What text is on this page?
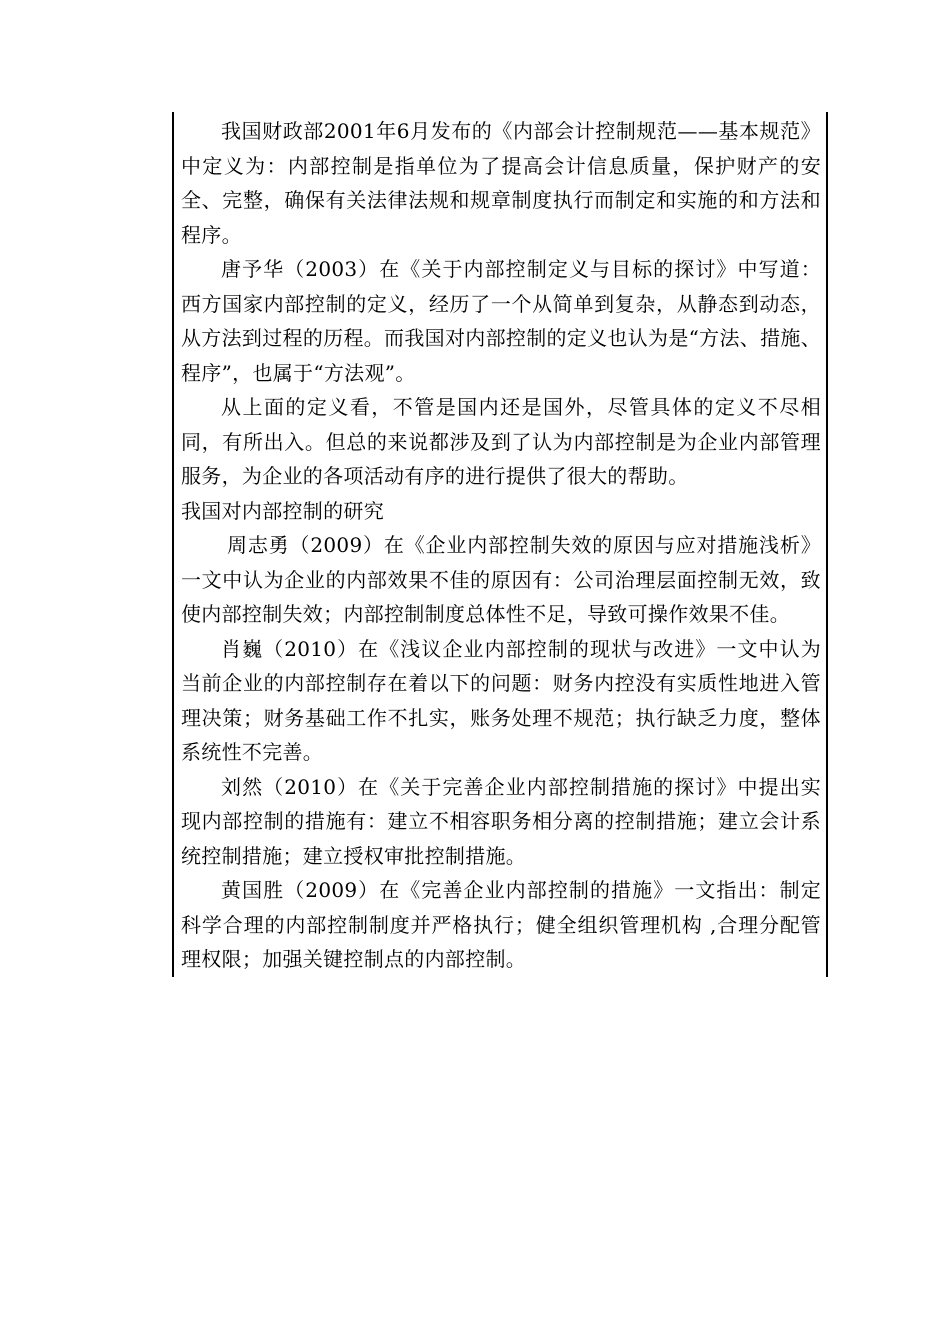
我国财政部2001年6月发布的《内部会计控制规范——基本规范》中定义为：内部控制是指单位为了提高会计信息质量，保护财产的安全、完整，确保有关法律法规和规章制度执行而制定和实施的和方法和程序。

唐予华（2003）在《关于内部控制定义与目标的探讨》中写道：西方国家内部控制的定义，经历了一个从简单到复杂，从静态到动态，从方法到过程的历程。而我国对内部控制的定义也认为是“方法、措施、程序”，也属于“方法观”。

从上面的定义看，不管是国内还是国外，尽管具体的定义不尽相同，有所出入。但总的来说都涉及到了认为内部控制是为企业内部管理服务，为企业的各项活动有序的进行提供了很大的帮助。

我国对内部控制的研究

周志勇（2009）在《企业内部控制失效的原因与应对措施浅析》一文中认为企业的内部效果不佳的原因有：公司治理层面控制无效，致使内部控制失效；内部控制制度总体性不足，导致可操作效果不佳。

肖巍（2010）在《浅议企业内部控制的现状与改进》一文中认为当前企业的内部控制存在着以下的问题：财务内控没有实质性地进入管理决策；财务基础工作不扎实，账务处理不规范；执行缺乏力度，整体系统性不完善。

刘然（2010）在《关于完善企业内部控制措施的探讨》中提出实现内部控制的措施有：建立不相容职务相分离的控制措施；建立会计系统控制措施；建立授权审批控制措施。

黄国胜（2009）在《完善企业内部控制的措施》一文指出：制定科学合理的内部控制制度并严格执行；健全组织管理机构 ,合理分配管理权限；加强关键控制点的内部控制。
